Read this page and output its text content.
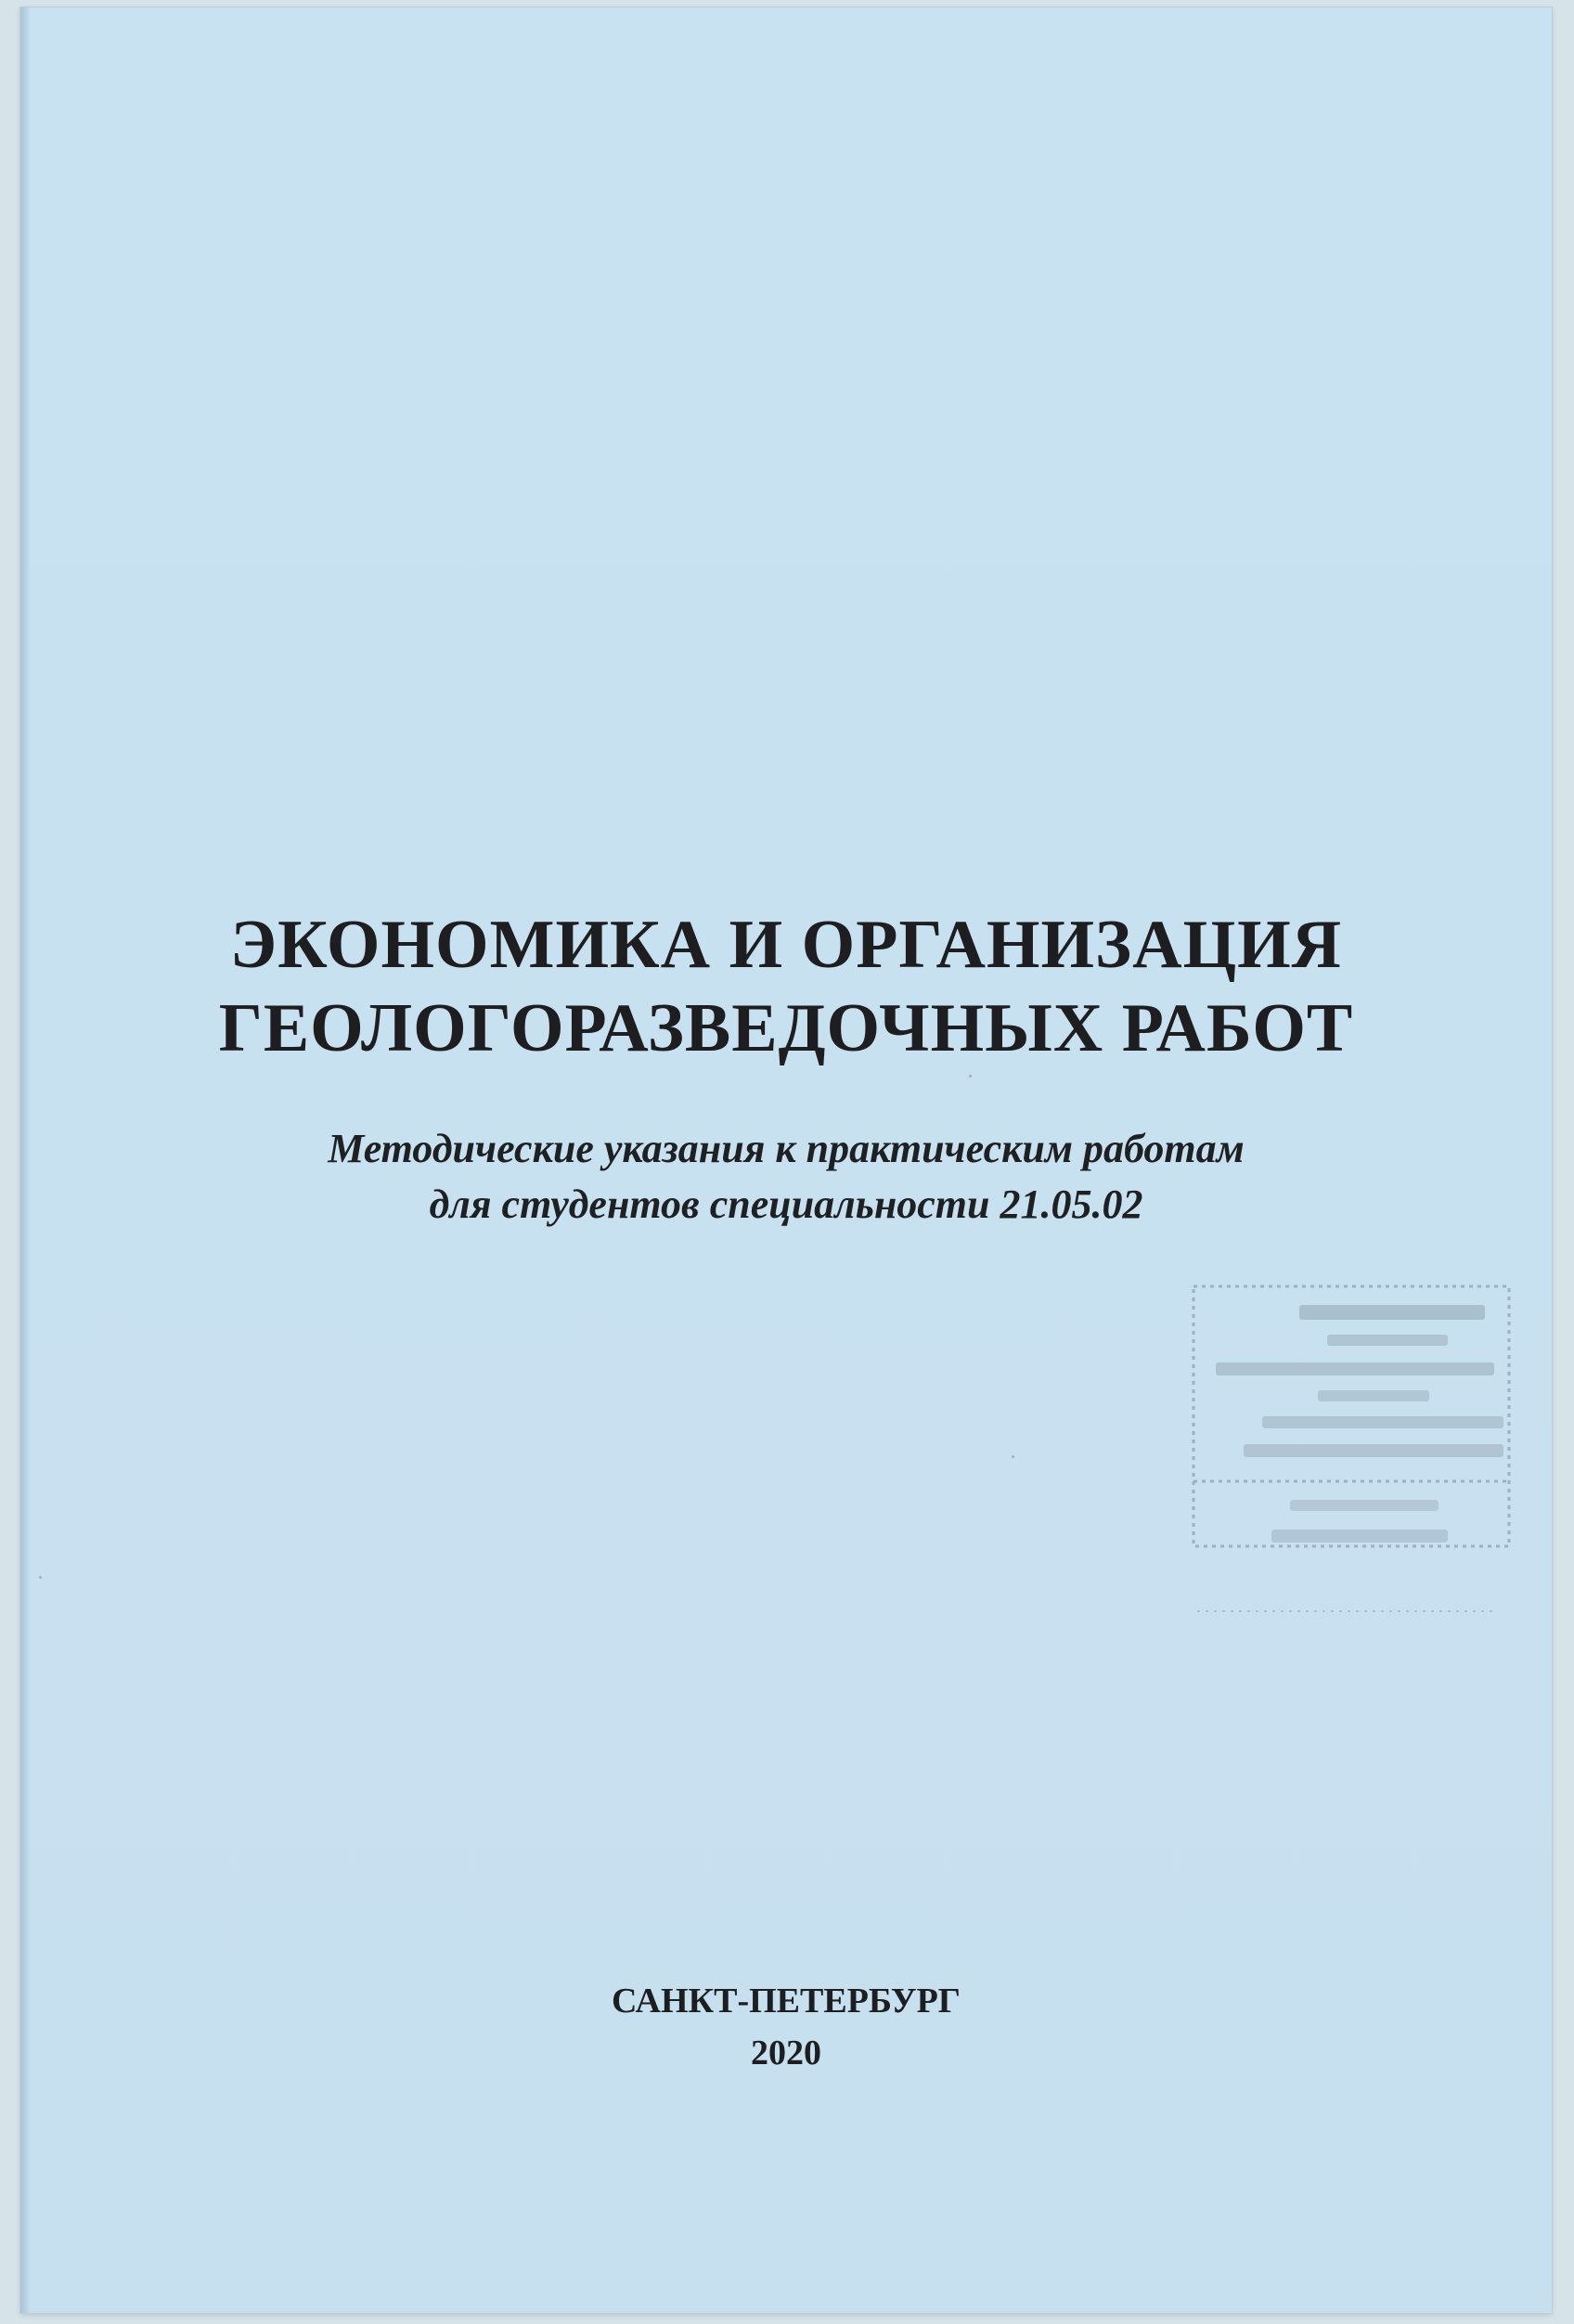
ЭКОНОМИКА И ОРГАНИЗАЦИЯ
ГЕОЛОГОРАЗВЕДОЧНЫХ РАБОТ
Методические указания к практическим работам
для студентов специальности 21.05.02
САНКТ-ПЕТЕРБУРГ
2020
